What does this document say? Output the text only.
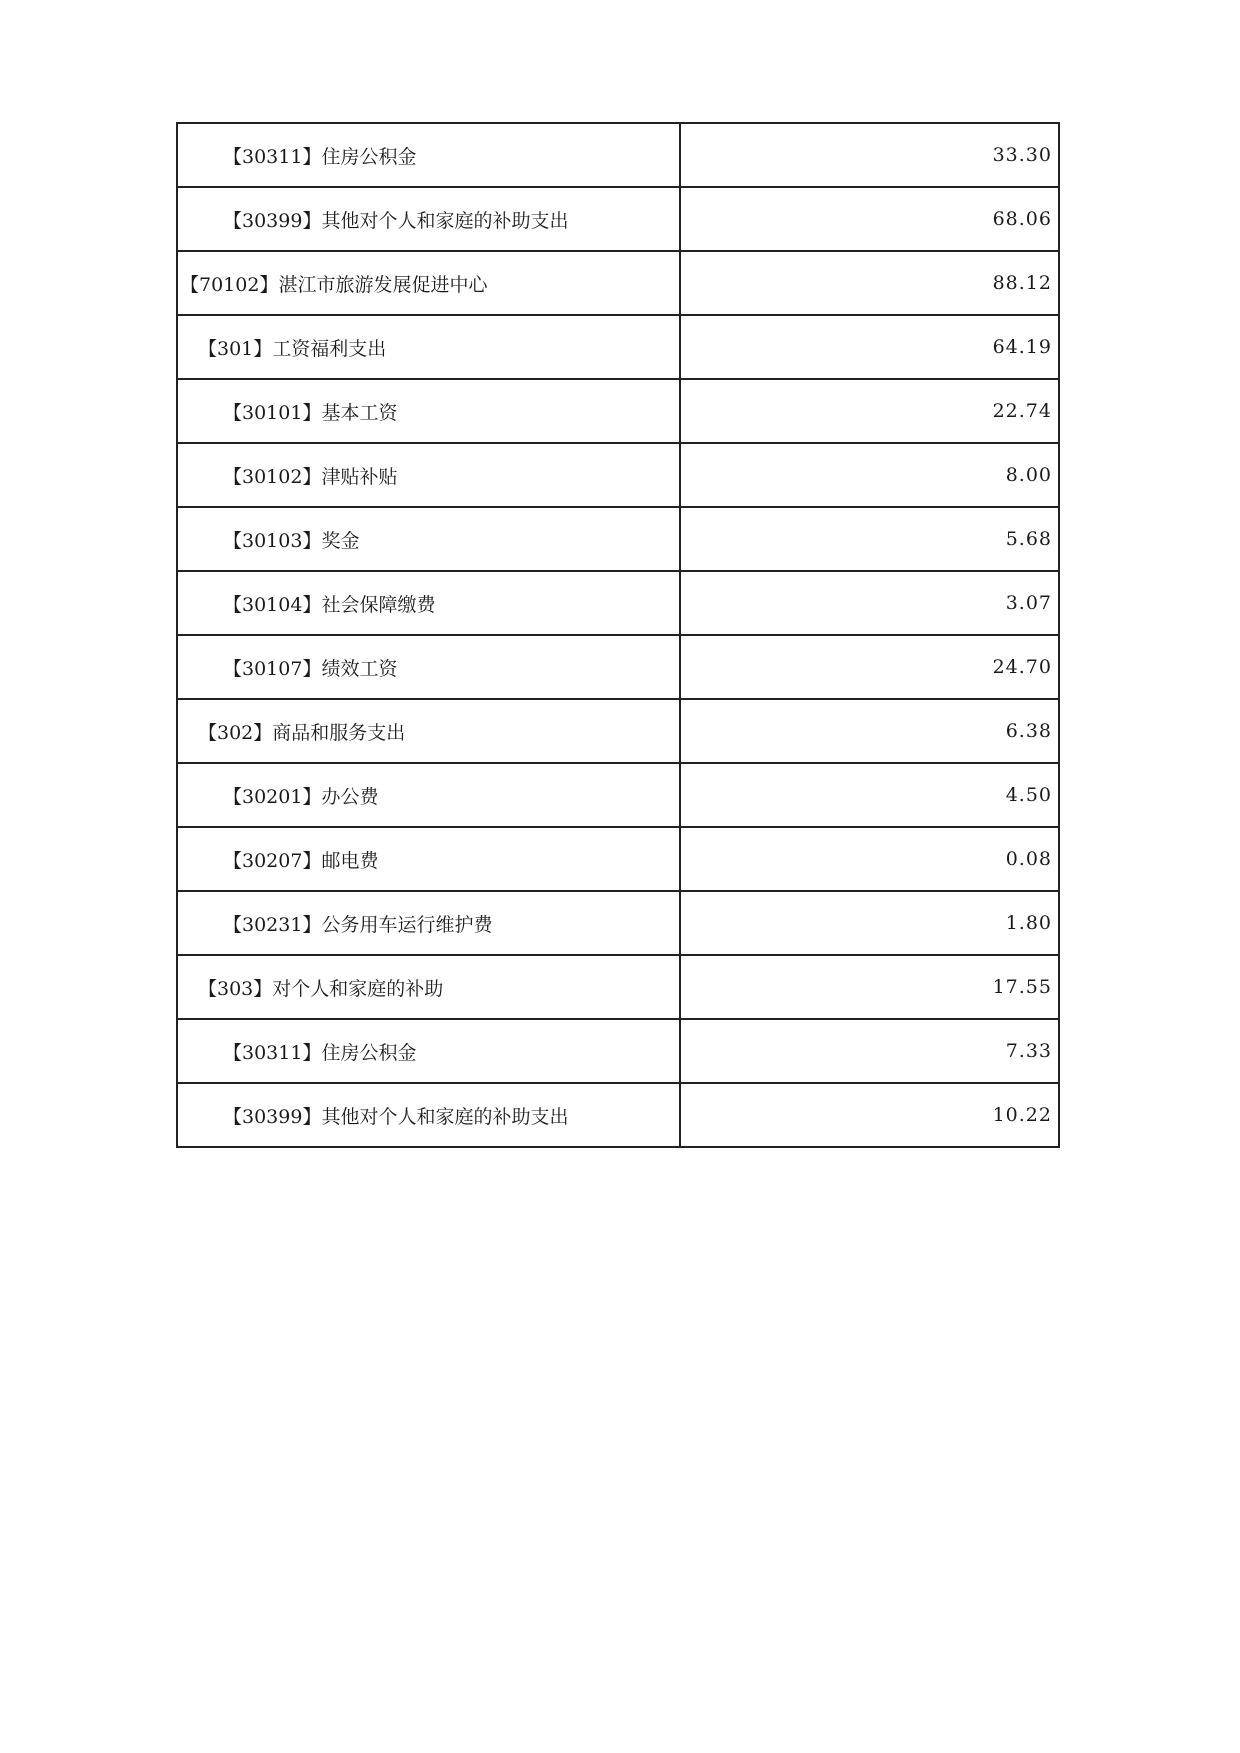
【30311】住房公积金	33.30
【30399】其他对个人和家庭的补助支出	68.06
【70102】湛江市旅游发展促进中心	88.12
【301】工资福利支出	64.19
【30101】基本工资	22.74
【30102】津贴补贴	8.00
【30103】奖金	5.68
【30104】社会保障缴费	3.07
【30107】绩效工资	24.70
【302】商品和服务支出	6.38
【30201】办公费	4.50
【30207】邮电费	0.08
【30231】公务用车运行维护费	1.80
【303】对个人和家庭的补助	17.55
【30311】住房公积金	7.33
【30399】其他对个人和家庭的补助支出	10.22
